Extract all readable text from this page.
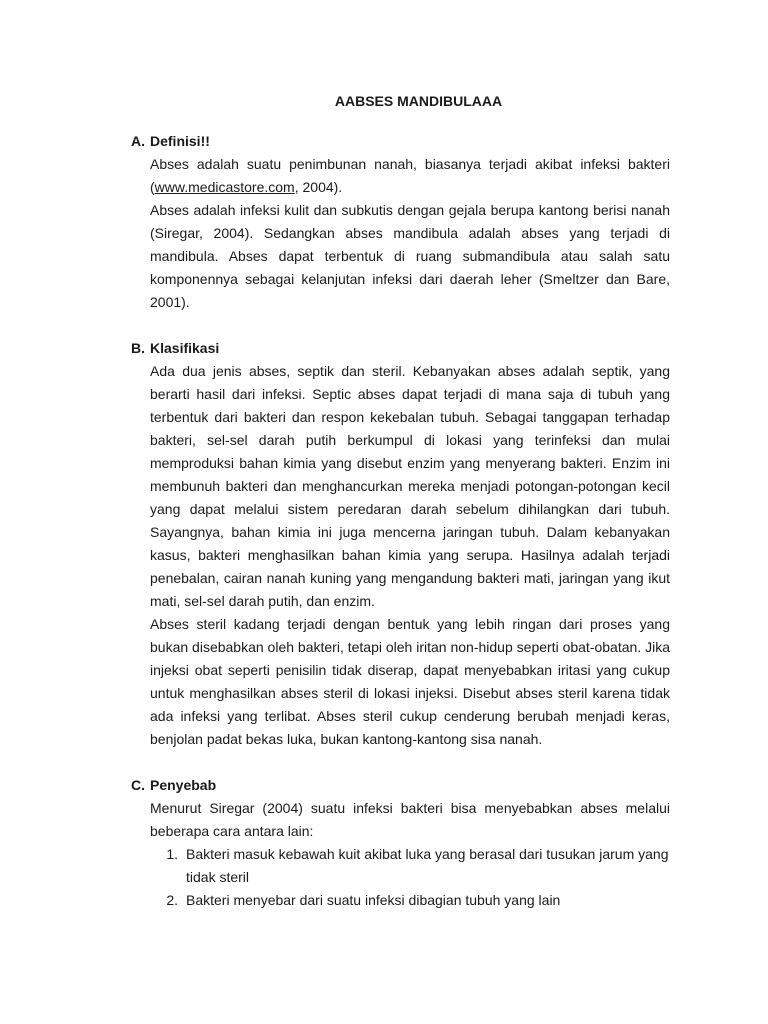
AABSES MANDIBULAAA
A. Definisi!!

Abses adalah suatu penimbunan nanah, biasanya terjadi akibat infeksi bakteri (www.medicastore.com, 2004).

Abses adalah infeksi kulit dan subkutis dengan gejala berupa kantong berisi nanah (Siregar, 2004). Sedangkan abses mandibula adalah abses yang terjadi di mandibula. Abses dapat terbentuk di ruang submandibula atau salah satu komponennya sebagai kelanjutan infeksi dari daerah leher (Smeltzer dan Bare, 2001).

B. Klasifikasi

Ada dua jenis abses, septik dan steril. Kebanyakan abses adalah septik, yang berarti hasil dari infeksi. Septic abses dapat terjadi di mana saja di tubuh yang terbentuk dari bakteri dan respon kekebalan tubuh. Sebagai tanggapan terhadap bakteri, sel-sel darah putih berkumpul di lokasi yang terinfeksi dan mulai memproduksi bahan kimia yang disebut enzim yang menyerang bakteri. Enzim ini membunuh bakteri dan menghancurkan mereka menjadi potongan-potongan kecil yang dapat melalui sistem peredaran darah sebelum dihilangkan dari tubuh. Sayangnya, bahan kimia ini juga mencerna jaringan tubuh. Dalam kebanyakan kasus, bakteri menghasilkan bahan kimia yang serupa. Hasilnya adalah terjadi penebalan, cairan nanah kuning yang mengandung bakteri mati, jaringan yang ikut mati, sel-sel darah putih, dan enzim.

Abses steril kadang terjadi dengan bentuk yang lebih ringan dari proses yang bukan disebabkan oleh bakteri, tetapi oleh iritan non-hidup seperti obat-obatan. Jika injeksi obat seperti penisilin tidak diserap, dapat menyebabkan iritasi yang cukup untuk menghasilkan abses steril di lokasi injeksi. Disebut abses steril karena tidak ada infeksi yang terlibat. Abses steril cukup cenderung berubah menjadi keras, benjolan padat bekas luka, bukan kantong-kantong sisa nanah.

C. Penyebab

Menurut Siregar (2004) suatu infeksi bakteri bisa menyebabkan abses melalui beberapa cara antara lain:

1. Bakteri masuk kebawah kuit akibat luka yang berasal dari tusukan jarum yang tidak steril
2. Bakteri menyebar dari suatu infeksi dibagian tubuh yang lain
